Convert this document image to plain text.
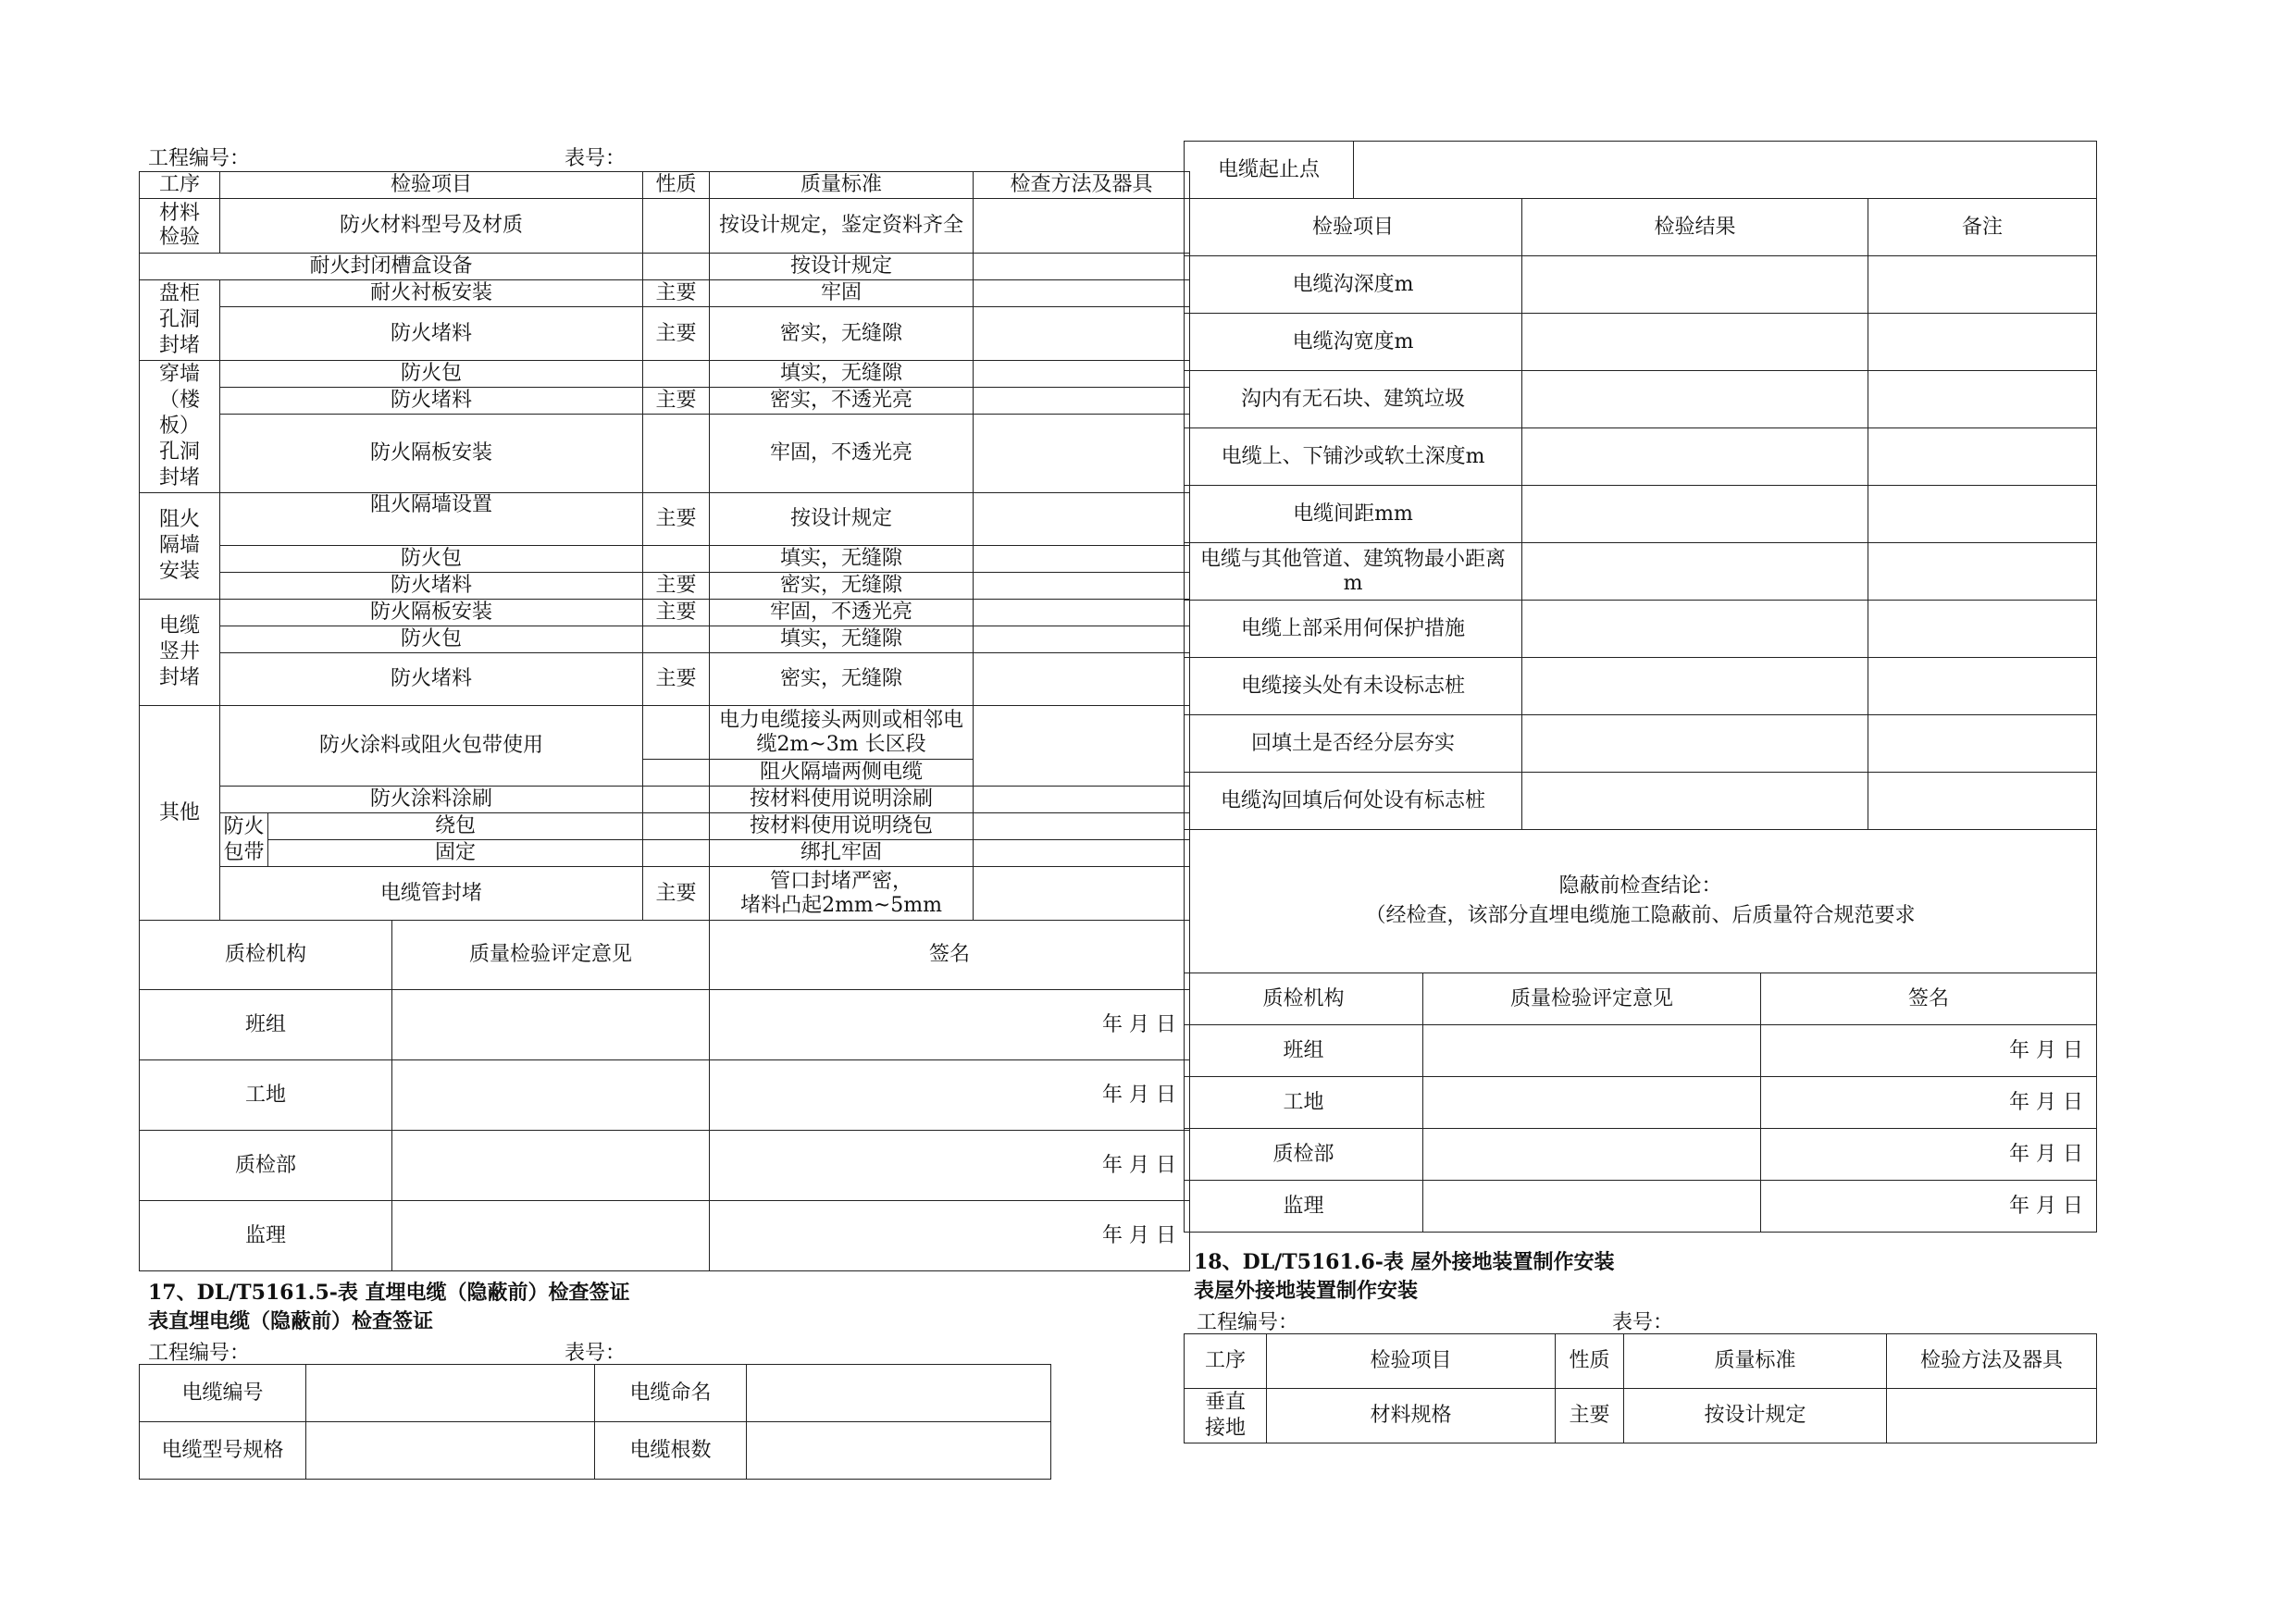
工程编号：	表号：
工序	检验项目			性质	质量标准	检查方法及器具
材料
检验	防火材料型号及材质				按设计规定，鉴定资料齐全	
耐火封闭槽盒设备					按设计规定	
盘柜
孔洞
封堵	耐火衬板安装			主要	牢固	
	防火堵料			主要	密实，无缝隙	
穿墙
（楼
板）
孔洞
封堵	防火包				填实，无缝隙	
	防火堵料			主要	密实，不透光亮	
	防火隔板安装				牢固，不透光亮	
阻火
隔墙
安装	阻火隔墙设置			主要	按设计规定	
	防火包				填实，无缝隙	
	防火堵料			主要	密实，无缝隙	
电缆
竖井
封堵	防火隔板安装			主要	牢固，不透光亮	
	防火包				填实，无缝隙	
	防火堵料			主要	密实，无缝隙	
其他	防火涂料或阻火包带使用				电力电缆接头两则或相邻电缆2m~3m 长区段	
					阻火隔墙两侧电缆	
	防火涂料涂刷				按材料使用说明涂刷	
	防火
包带	绕包			按材料使用说明绕包	
		固定			绑扎牢固	
	电缆管封堵			主要	管口封堵严密，
堵料凸起2mm~5mm	
质检机构			质量检验评定意见		签名	
班组					年 月 日	
工地					年 月 日	
质检部					年 月 日	
监理					年 月 日	
17、DL/T5161.5-表 直埋电缆（隐蔽前）检查签证
表直埋电缆（隐蔽前）检查签证
工程编号：	表号：
电缆编号		电缆命名	
电缆型号规格		电缆根数	
电缆起止点					
检验项目			检验结果		备注
电缆沟深度m					
电缆沟宽度m					
沟内有无石块、建筑垃圾					
电缆上、下铺沙或软土深度m					
电缆间距mm					
电缆与其他管道、建筑物最小距离
m					
电缆上部采用何保护措施					
电缆接头处有未设标志桩					
回填土是否经分层夯实					
电缆沟回填后何处设有标志桩					

隐蔽前检查结论：
（经检查，该部分直埋电缆施工隐蔽前、后质量符合规范要求					

质检机构		质量检验评定意见		签名	
班组				年 月 日	
工地				年 月 日	
质检部				年 月 日	
监理				年 月 日	
18、DL/T5161.6-表 屋外接地装置制作安装
表屋外接地装置制作安装
工程编号：	表号：
工序	检验项目	性质	质量标准	检验方法及器具
垂直
接地	材料规格	主要	按设计规定	
